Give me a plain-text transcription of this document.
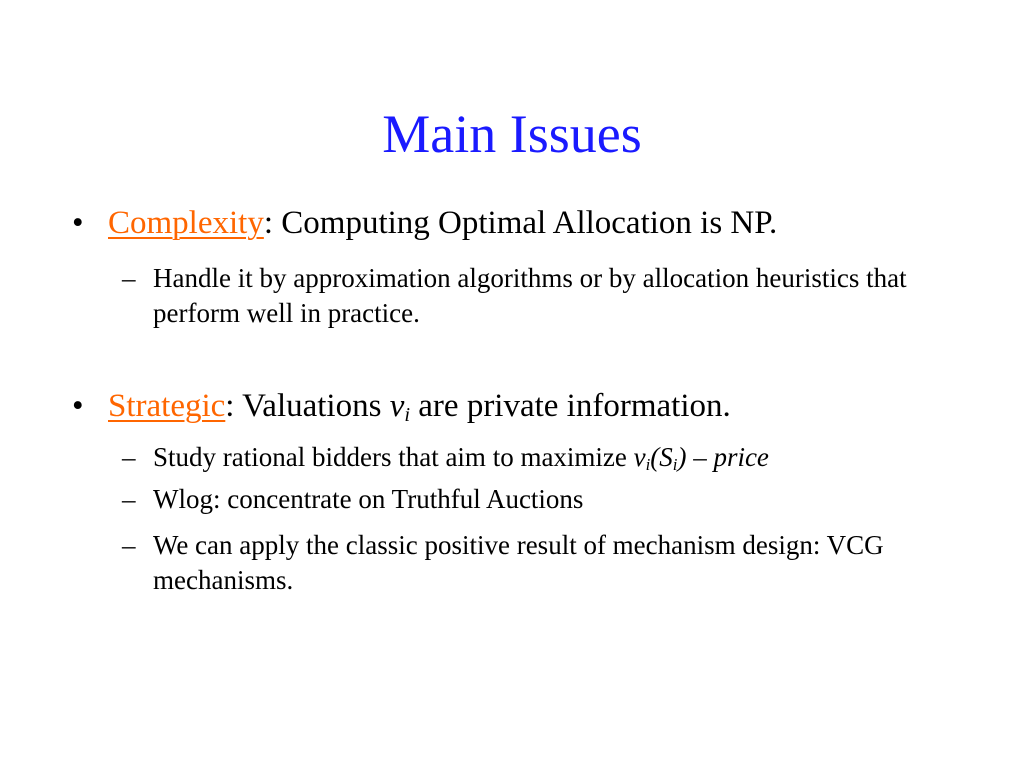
Main Issues
• Complexity: Computing Optimal Allocation is NP.
– Handle it by approximation algorithms or by allocation heuristics that perform well in practice.
• Strategic: Valuations $v_i$ are private information.
– Study rational bidders that aim to maximize $v_i(S_i)$ – price
– Wlog: concentrate on Truthful Auctions
– We can apply the classic positive result of mechanism design: VCG mechanisms.
